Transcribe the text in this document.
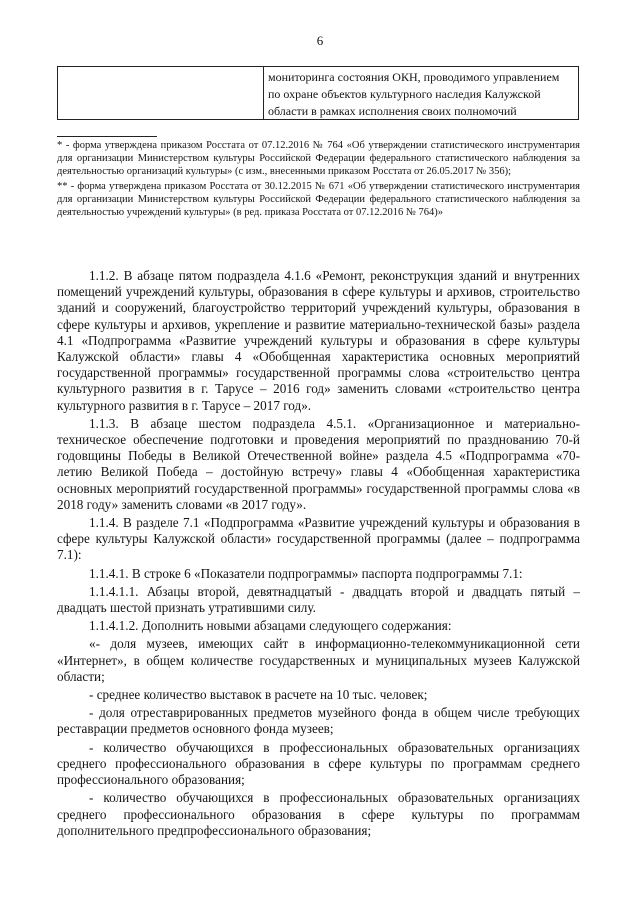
6
мониторинга состояния ОКН, проводимого управлением по охране объектов культурного наследия Калужской области в рамках исполнения своих полномочий

* - форма утверждена приказом Росстата от 07.12.2016 № 764 «Об утверждении статистического инструментария для организации Министерством культуры Российской Федерации федерального статистического наблюдения за деятельностью организаций культуры» (с изм., внесенными приказом Росстата от 26.05.2017 № 356);

** - форма утверждена приказом Росстата от 30.12.2015 № 671 «Об утверждении статистического инструментария для организации Министерством культуры Российской Федерации федерального статистического наблюдения за деятельностью учреждений культуры» (в ред. приказа Росстата от 07.12.2016 № 764)»

1.1.2. В абзаце пятом подраздела 4.1.6 «Ремонт, реконструкция зданий и внутренних помещений учреждений культуры, образования в сфере культуры и архивов, строительство зданий и сооружений, благоустройство территорий учреждений культуры, образования в сфере культуры и архивов, укрепление и развитие материально-технической базы» раздела 4.1 «Подпрограмма «Развитие учреждений культуры и образования в сфере культуры Калужской области» главы 4 «Обобщенная характеристика основных мероприятий государственной программы» государственной программы слова «строительство центра культурного развития в г. Тарусе – 2016 год» заменить словами «строительство центра культурного развития в г. Тарусе – 2017 год».

1.1.3. В абзаце шестом подраздела 4.5.1. «Организационное и материально-техническое обеспечение подготовки и проведения мероприятий по празднованию 70-й годовщины Победы в Великой Отечественной войне» раздела 4.5 «Подпрограмма «70-летию Великой Победа – достойную встречу» главы 4 «Обобщенная характеристика основных мероприятий государственной программы» государственной программы слова «в 2018 году» заменить словами «в 2017 году».

1.1.4. В разделе 7.1 «Подпрограмма «Развитие учреждений культуры и образования в сфере культуры Калужской области» государственной программы (далее – подпрограмма 7.1):

1.1.4.1. В строке 6 «Показатели подпрограммы» паспорта подпрограммы 7.1:

1.1.4.1.1. Абзацы второй, девятнадцатый - двадцать второй и двадцать пятый – двадцать шестой признать утратившими силу.

1.1.4.1.2. Дополнить новыми абзацами следующего содержания:

«- доля музеев, имеющих сайт в информационно-телекоммуникационной сети «Интернет», в общем количестве государственных и муниципальных музеев Калужской области;

- среднее количество выставок в расчете на 10 тыс. человек;

- доля отреставрированных предметов музейного фонда в общем числе требующих реставрации предметов основного фонда музеев;

- количество обучающихся в профессиональных образовательных организациях среднего профессионального образования в сфере культуры по программам среднего профессионального образования;

- количество обучающихся в профессиональных образовательных организациях среднего профессионального образования в сфере культуры по программам дополнительного предпрофессионального образования;
